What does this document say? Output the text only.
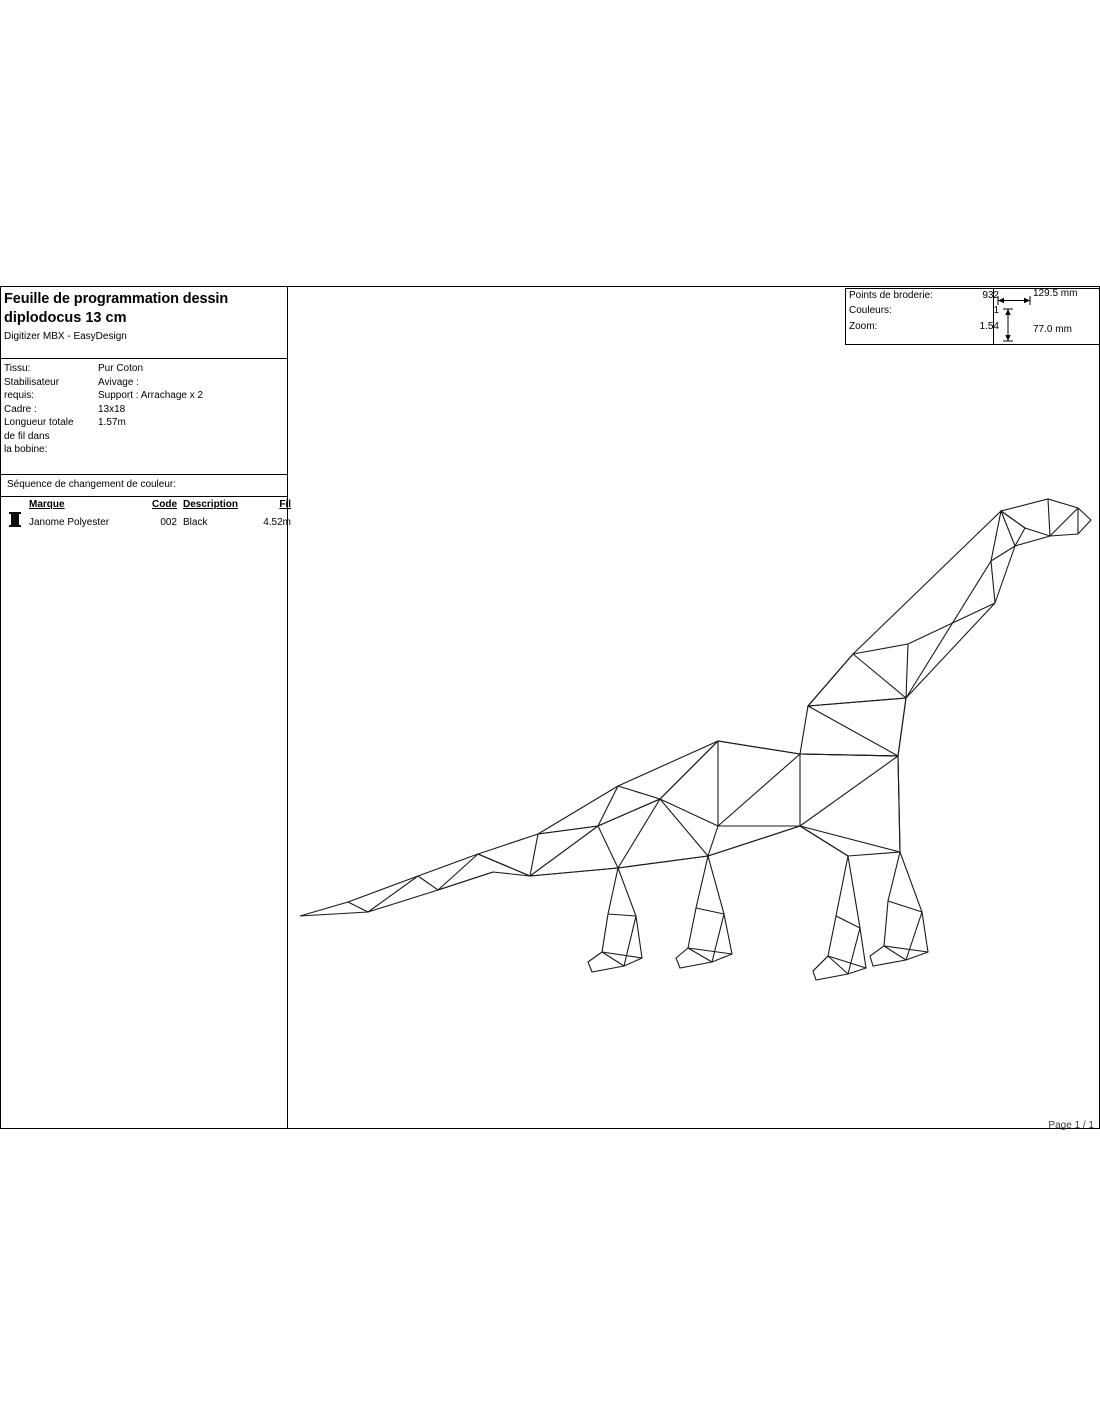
Feuille de programmation dessin
diplodocus 13 cm
Digitizer MBX - EasyDesign
Tissu:	Pur Coton
Stabilisateur	Avivage :
requis:	Support : Arrachage x 2
Cadre :	13x18
Longueur totale	1.57m
de fil dans
la bobine:
Séquence de changement de couleur:
Marque	Code Description	Fil
Janome Polyester	002 Black	4.52m
Points de broderie:	932
Couleurs:	1
Zoom:	1.54
129.5 mm
77.0 mm
Page 1 / 1
